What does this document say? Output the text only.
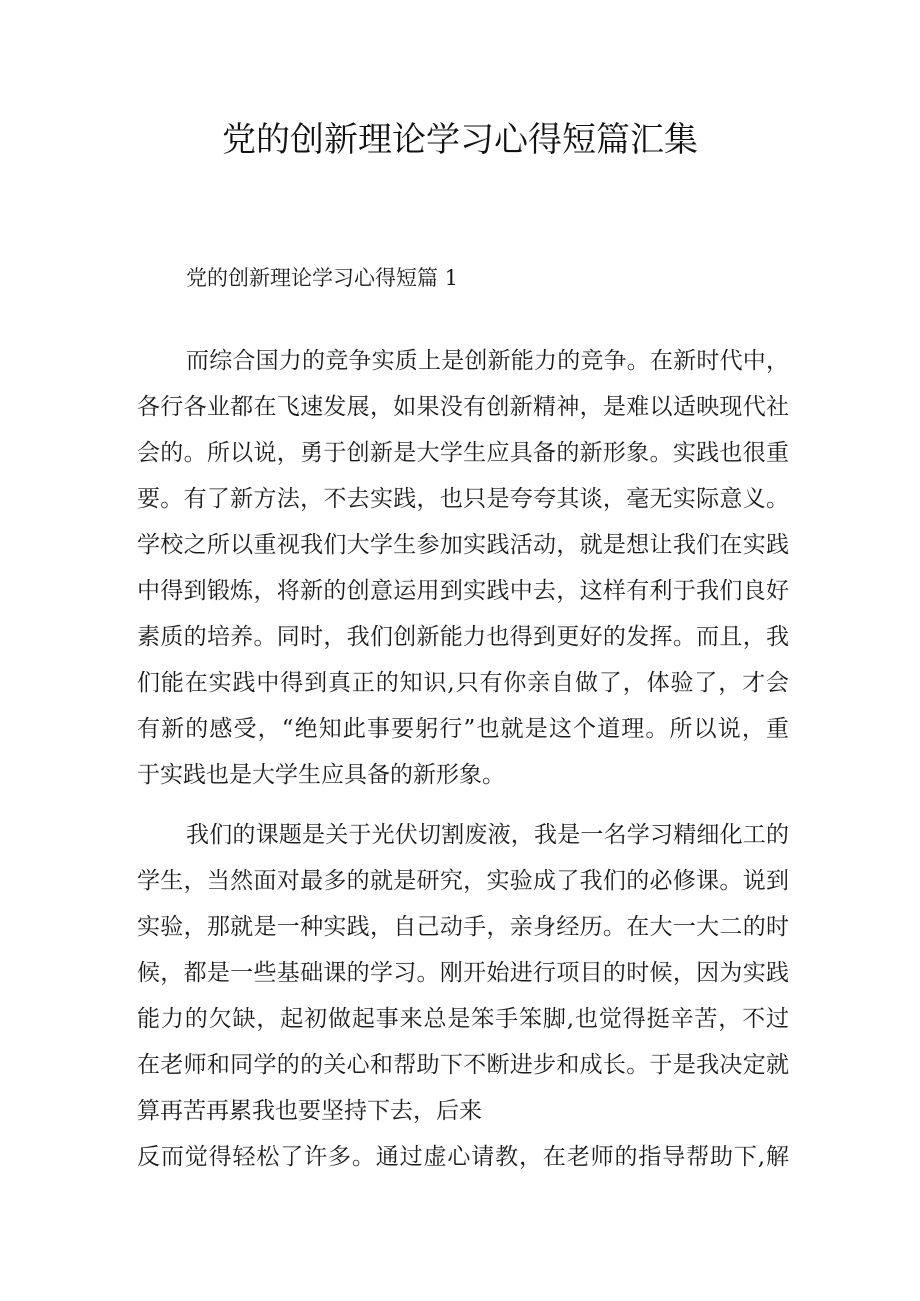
党的创新理论学习心得短篇汇集

党的创新理论学习心得短篇 1

而综合国力的竞争实质上是创新能力的竞争。在新时代中，
各行各业都在飞速发展，如果没有创新精神，是难以适映现代社
会的。所以说，勇于创新是大学生应具备的新形象。实践也很重
要。有了新方法，不去实践，也只是夸夸其谈，毫无实际意义。
学校之所以重视我们大学生参加实践活动，就是想让我们在实践
中得到锻炼，将新的创意运用到实践中去，这样有利于我们良好
素质的培养。同时，我们创新能力也得到更好的发挥。而且，我
们能在实践中得到真正的知识,只有你亲自做了，体验了，才会
有新的感受，“绝知此事要躬行”也就是这个道理。所以说，重
于实践也是大学生应具备的新形象。
我们的课题是关于光伏切割废液，我是一名学习精细化工的
学生，当然面对最多的就是研究，实验成了我们的必修课。说到
实验，那就是一种实践，自己动手，亲身经历。在大一大二的时
候，都是一些基础课的学习。刚开始进行项目的时候，因为实践
能力的欠缺，起初做起事来总是笨手笨脚,也觉得挺辛苦，不过
在老师和同学的的关心和帮助下不断进步和成长。于是我决定就
算再苦再累我也要坚持下去，后来
反而觉得轻松了许多。通过虚心请教，在老师的指导帮助下,解
